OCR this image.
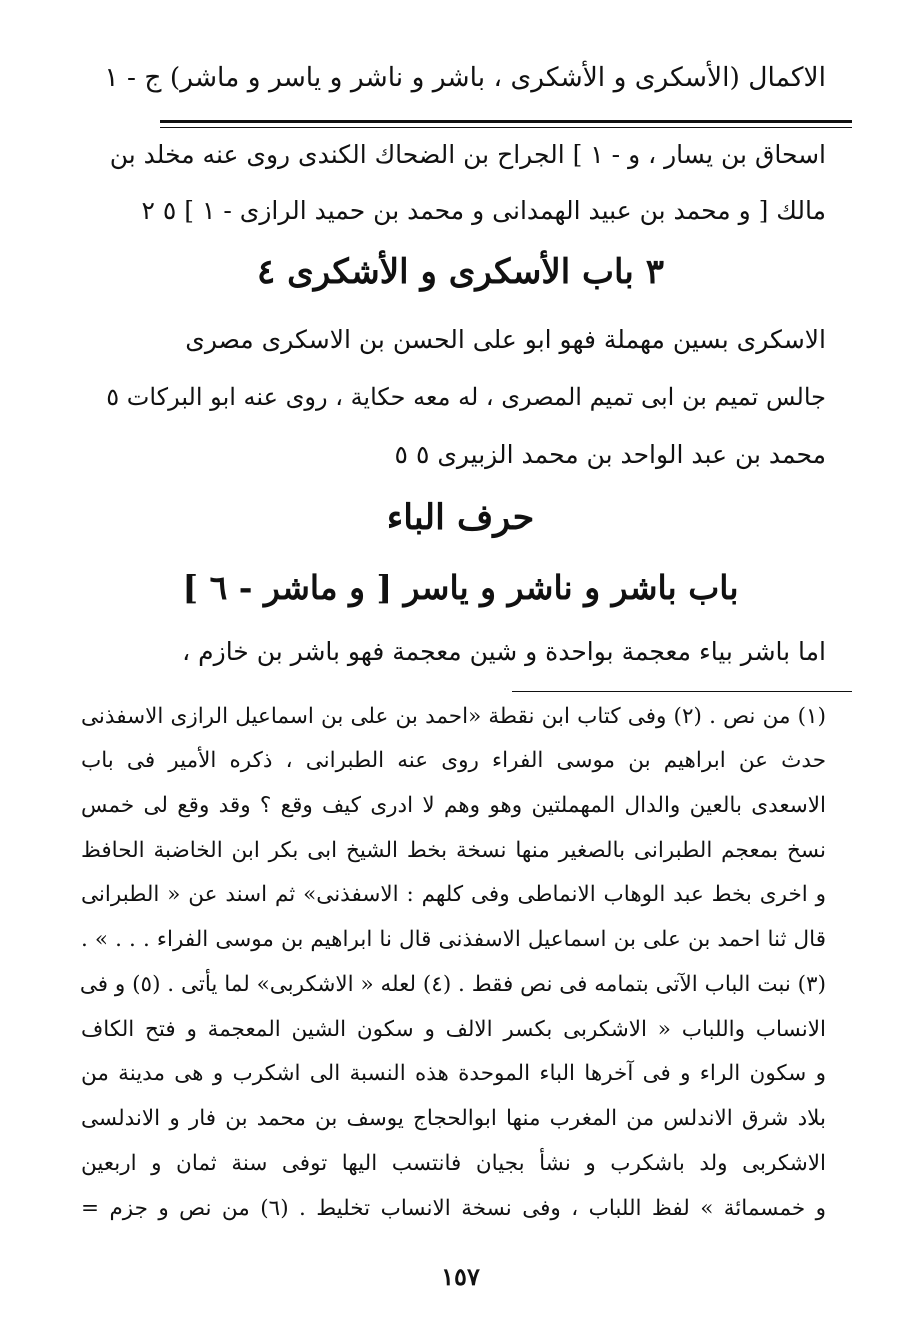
الاكمال (الأسكرى و الأشكرى ، باشر و ناشر و ياسر و ماشر) ج - ١
اسحاق بن يسار ، و - ١ ] الجراح بن الضحاك الكندى روى عنه مخلد بن
مالك [ و محمد بن عبيد الهمدانى و محمد بن حميد الرازى - ١ ] ٥ ٢
٣ باب الأسكرى و الأشكرى ٤
الاسكرى بسين مهملة فهو ابو على الحسن بن الاسكرى مصرى
جالس تميم بن ابى تميم المصرى ، له معه حكاية ، روى عنه ابو البركات ٥
محمد بن عبد الواحد بن محمد الزبيرى ٥ ٥
حرف الباء
باب باشر و ناشر و ياسر [ و ماشر - ٦ ]
اما باشر بياء معجمة بواحدة و شين معجمة فهو باشر بن خازم ،
(١) من نص . (٢) وفى كتاب ابن نقطة «احمد بن على بن اسماعيل الرازى الاسفذنى
حدث عن ابراهيم بن موسى الفراء روى عنه الطبرانى ، ذكره الأمير فى باب
الاسعدى بالعين والدال المهملتين وهو وهم لا ادرى كيف وقع ؟ وقد وقع لى خمس
نسخ بمعجم الطبرانى بالصغير منها نسخة بخط الشيخ ابى بكر ابن الخاضبة الحافظ
و اخرى بخط عبد الوهاب الانماطى وفى كلهم : الاسفذنى» ثم اسند عن « الطبرانى
قال ثنا احمد بن على بن اسماعيل الاسفذنى قال نا ابراهيم بن موسى الفراء . . . » .
(٣) نبت الباب الآتى بتمامه فى نص فقط . (٤) لعله « الاشكربى» لما يأتى . (٥) و فى
الانساب واللباب « الاشكربى بكسر الالف و سكون الشين المعجمة و فتح الكاف
و سكون الراء و فى آخرها الباء الموحدة هذه النسبة الى اشكرب و هى مدينة من
بلاد شرق الاندلس من المغرب منها ابوالحجاج يوسف بن محمد بن فار و الاندلسى
الاشكربى ولد باشكرب و نشأ بجيان فانتسب اليها توفى سنة ثمان و اربعين
و خمسمائة » لفظ اللباب ، وفى نسخة الانساب تخليط . (٦) من نص و جزم =
١٥٧
